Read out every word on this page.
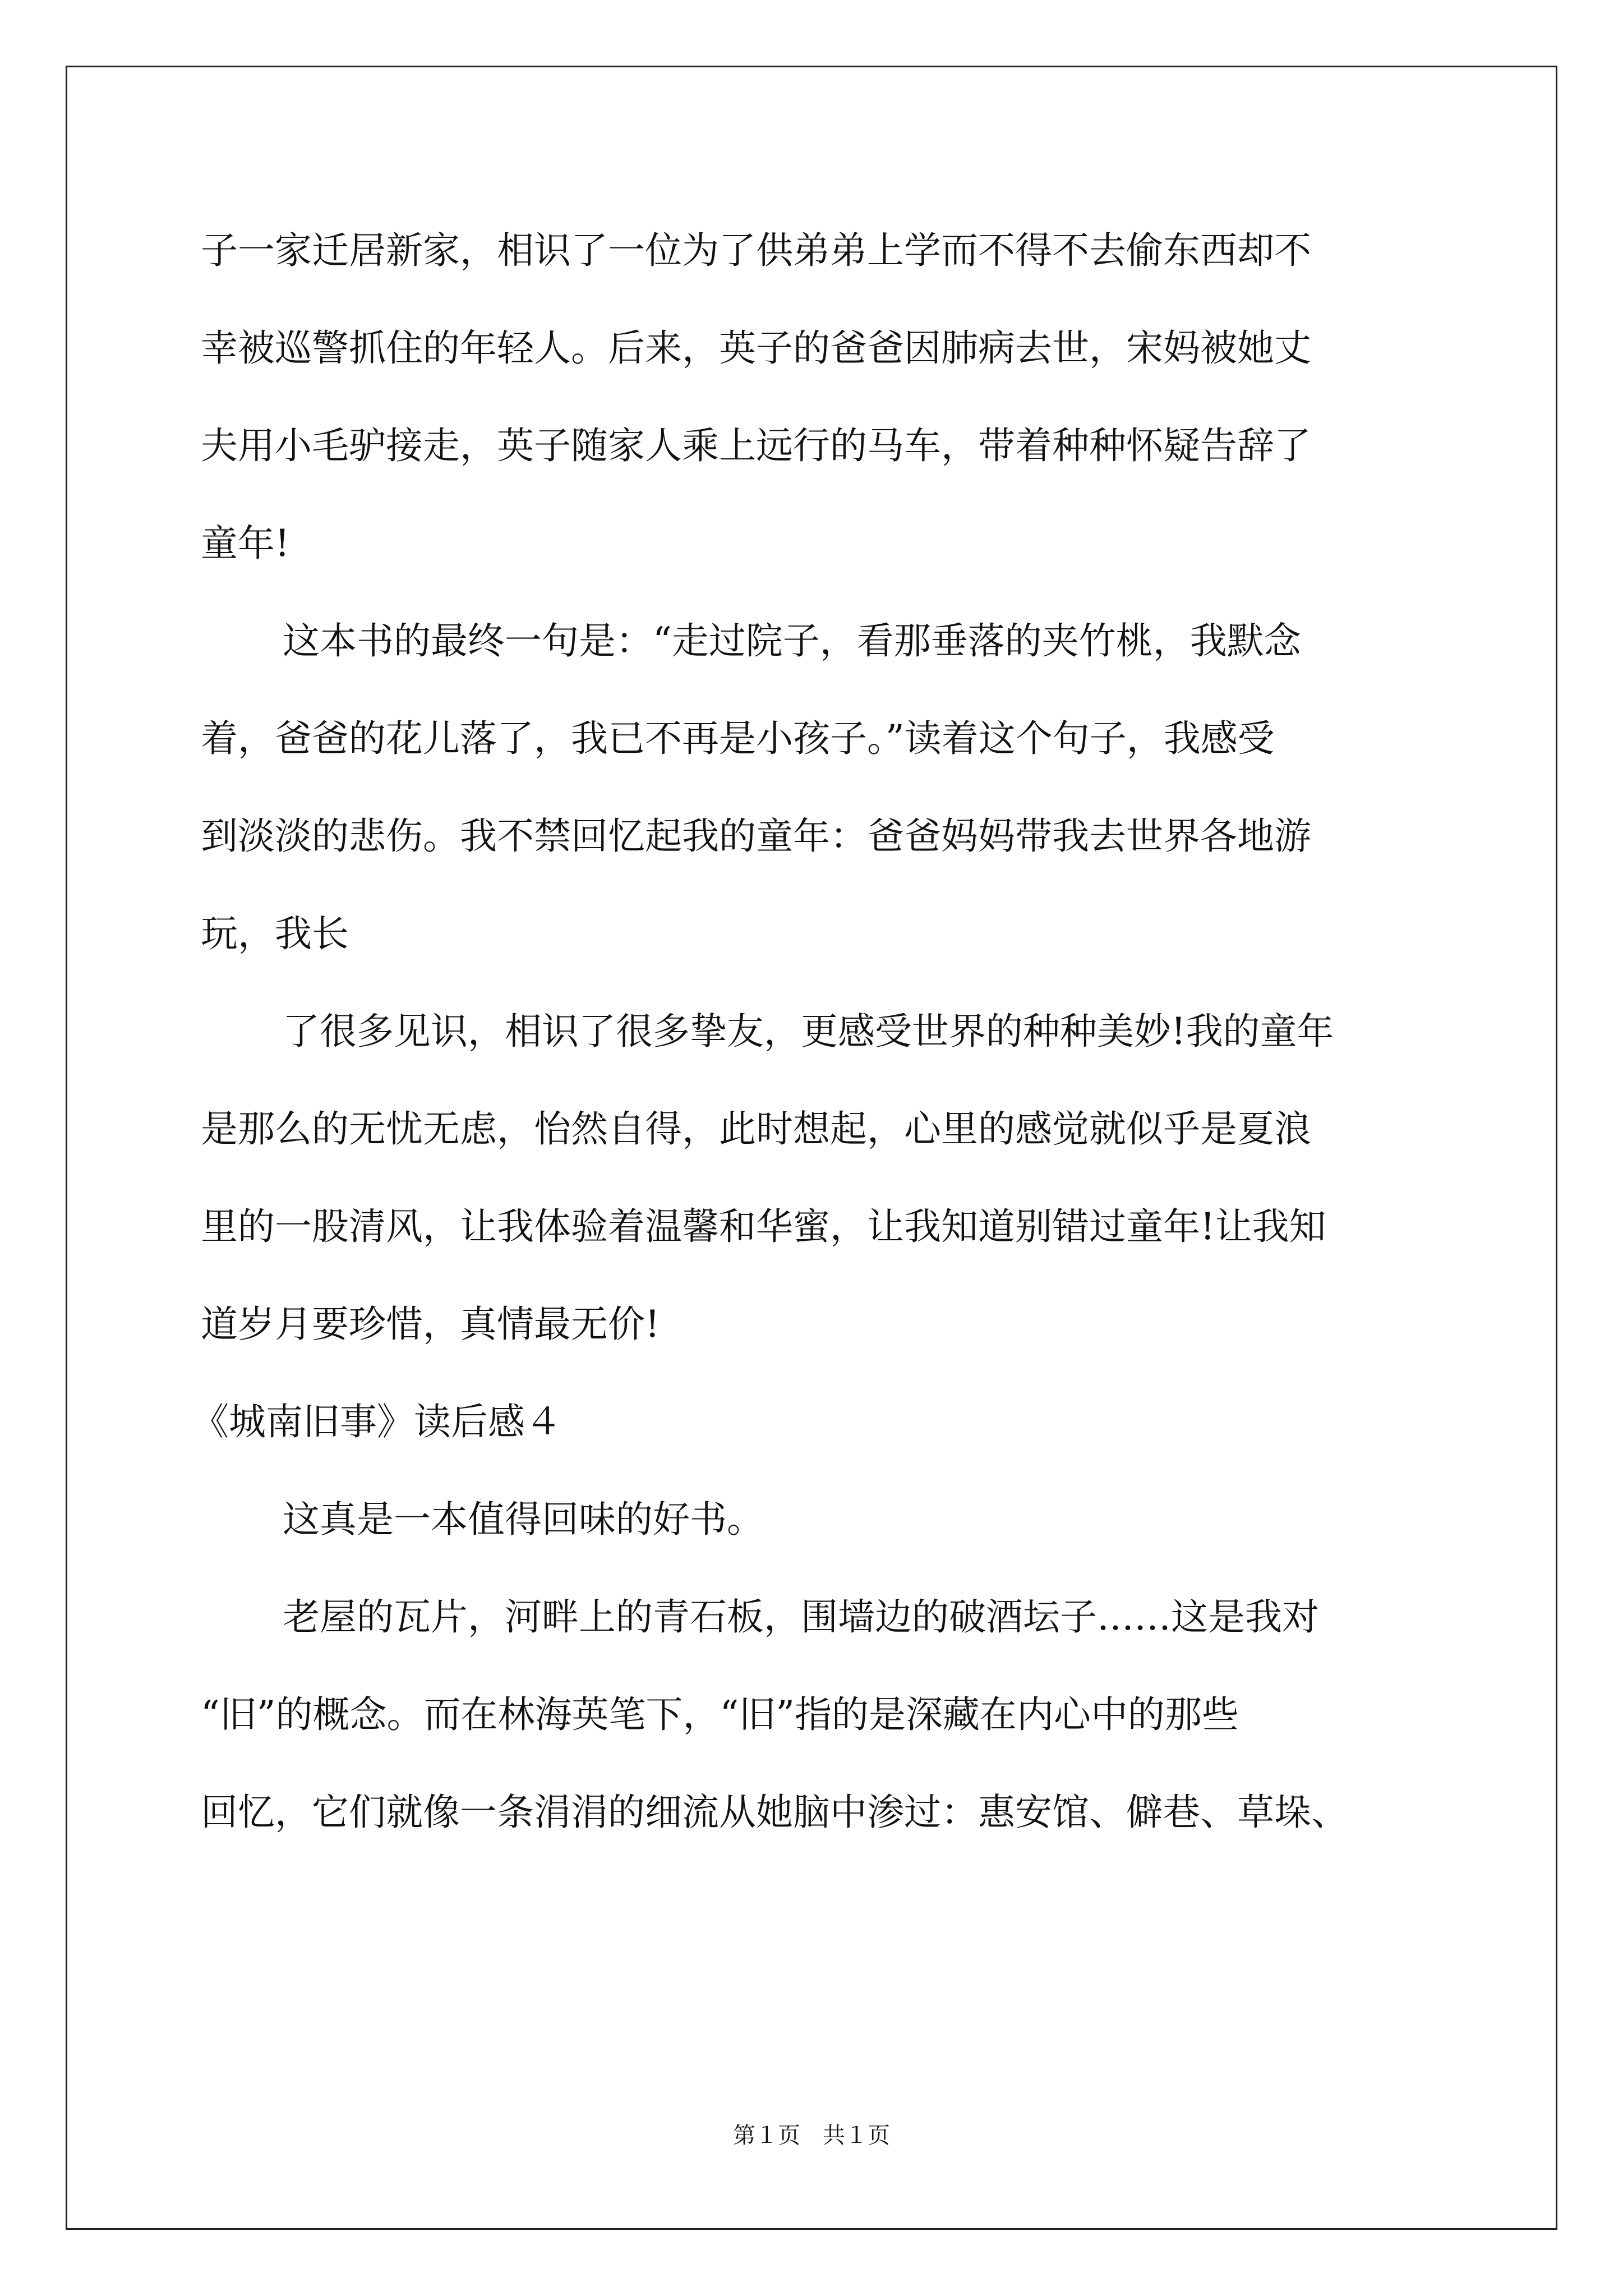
子一家迁居新家，相识了一位为了供弟弟上学而不得不去偷东西却不
幸被巡警抓住的年轻人。后来，英子的爸爸因肺病去世，宋妈被她丈
夫用小毛驴接走，英子随家人乘上远行的马车，带着种种怀疑告辞了
童年!
这本书的最终一句是：“走过院子，看那垂落的夹竹桃，我默念
着，爸爸的花儿落了，我已不再是小孩子。”读着这个句子，我感受
到淡淡的悲伤。我不禁回忆起我的童年：爸爸妈妈带我去世界各地游
玩，我长
了很多见识，相识了很多挚友，更感受世界的种种美妙!我的童年
是那么的无忧无虑，怡然自得，此时想起，心里的感觉就似乎是夏浪
里的一股清风，让我体验着温馨和华蜜，让我知道别错过童年!让我知
道岁月要珍惜，真情最无价!
《城南旧事》读后感４
这真是一本值得回味的好书。
老屋的瓦片，河畔上的青石板，围墙边的破酒坛子……这是我对
“旧”的概念。而在林海英笔下，“旧”指的是深藏在内心中的那些
回忆，它们就像一条涓涓的细流从她脑中渗过：惠安馆、僻巷、草垛、
第１页　共１页
